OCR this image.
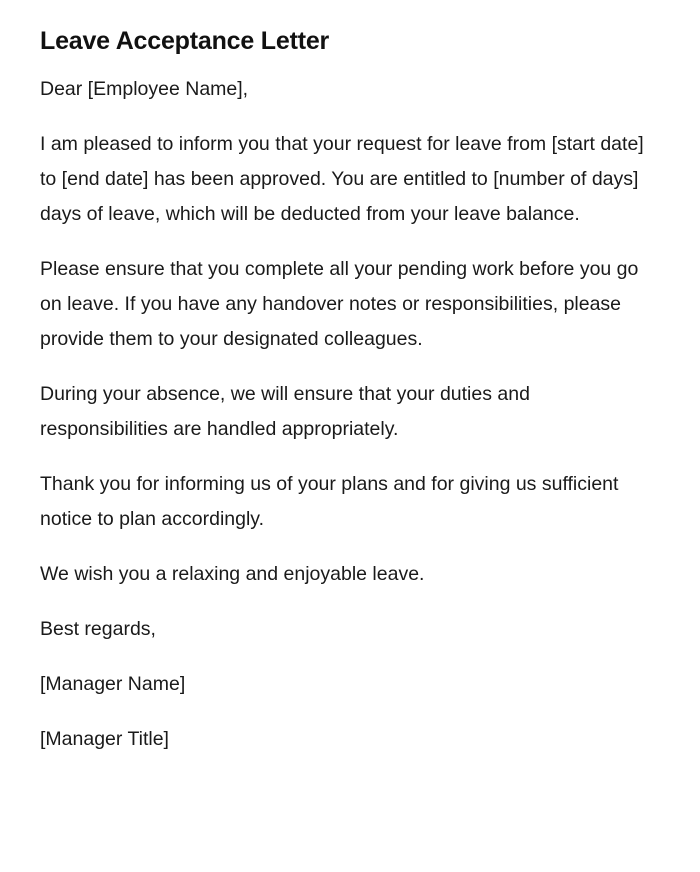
Leave Acceptance Letter

Dear [Employee Name],

I am pleased to inform you that your request for leave from [start date] to [end date] has been approved. You are entitled to [number of days] days of leave, which will be deducted from your leave balance.

Please ensure that you complete all your pending work before you go on leave. If you have any handover notes or responsibilities, please provide them to your designated colleagues.

During your absence, we will ensure that your duties and responsibilities are handled appropriately.

Thank you for informing us of your plans and for giving us sufficient notice to plan accordingly.

We wish you a relaxing and enjoyable leave.

Best regards,

[Manager Name]

[Manager Title]
